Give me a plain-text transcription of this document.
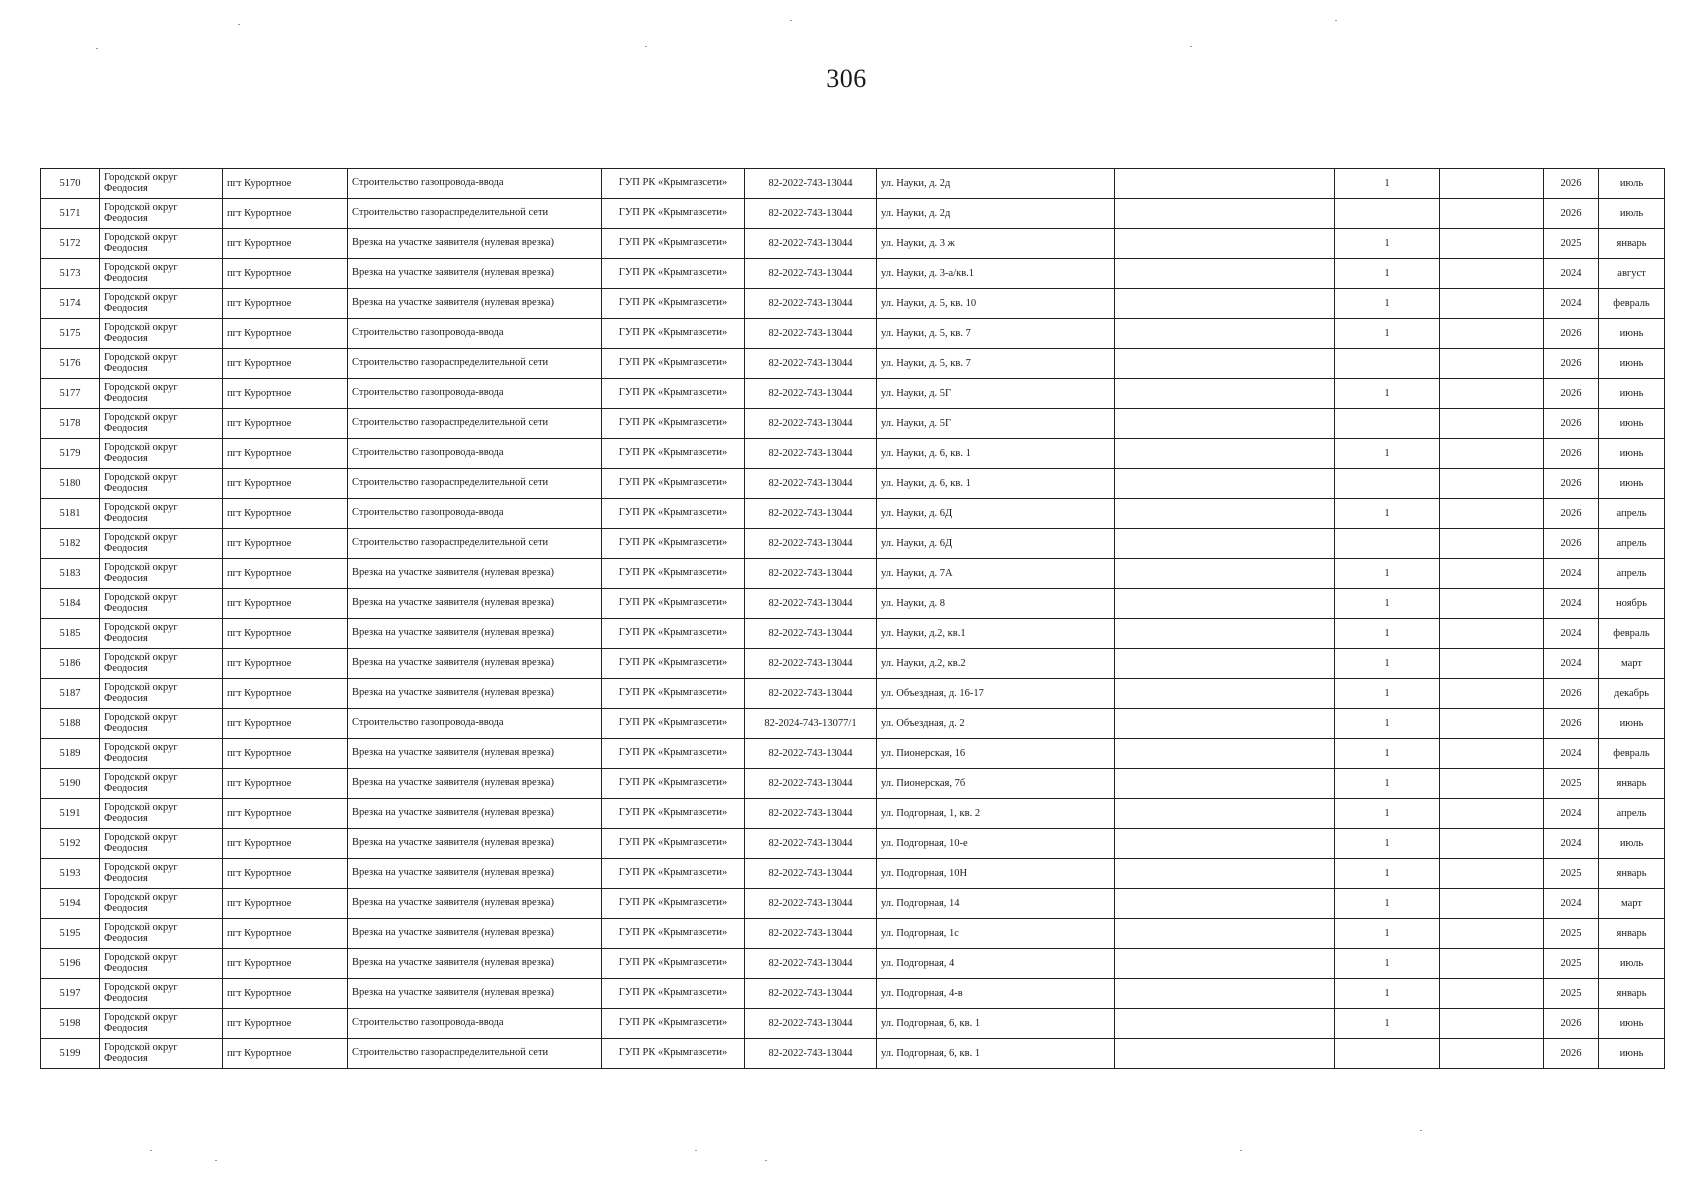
306
5170	Городской округ Феодосия	пгт Курортное	Строительство газопровода-ввода	ГУП РК «Крымгазсети»	82-2022-743-13044	ул. Науки, д. 2д		1		2026	июль
5171	Городской округ Феодосия	пгт Курортное	Строительство газораспределительной сети	ГУП РК «Крымгазсети»	82-2022-743-13044	ул. Науки, д. 2д				2026	июль
5172	Городской округ Феодосия	пгт Курортное	Врезка на участке заявителя (нулевая врезка)	ГУП РК «Крымгазсети»	82-2022-743-13044	ул. Науки, д. 3 ж		1		2025	январь
5173	Городской округ Феодосия	пгт Курортное	Врезка на участке заявителя (нулевая врезка)	ГУП РК «Крымгазсети»	82-2022-743-13044	ул. Науки, д. 3-а/кв.1		1		2024	август
5174	Городской округ Феодосия	пгт Курортное	Врезка на участке заявителя (нулевая врезка)	ГУП РК «Крымгазсети»	82-2022-743-13044	ул. Науки, д. 5, кв. 10		1		2024	февраль
5175	Городской округ Феодосия	пгт Курортное	Строительство газопровода-ввода	ГУП РК «Крымгазсети»	82-2022-743-13044	ул. Науки, д. 5, кв. 7		1		2026	июнь
5176	Городской округ Феодосия	пгт Курортное	Строительство газораспределительной сети	ГУП РК «Крымгазсети»	82-2022-743-13044	ул. Науки, д. 5, кв. 7				2026	июнь
5177	Городской округ Феодосия	пгт Курортное	Строительство газопровода-ввода	ГУП РК «Крымгазсети»	82-2022-743-13044	ул. Науки, д. 5Г		1		2026	июнь
5178	Городской округ Феодосия	пгт Курортное	Строительство газораспределительной сети	ГУП РК «Крымгазсети»	82-2022-743-13044	ул. Науки, д. 5Г				2026	июнь
5179	Городской округ Феодосия	пгт Курортное	Строительство газопровода-ввода	ГУП РК «Крымгазсети»	82-2022-743-13044	ул. Науки, д. 6, кв. 1		1		2026	июнь
5180	Городской округ Феодосия	пгт Курортное	Строительство газораспределительной сети	ГУП РК «Крымгазсети»	82-2022-743-13044	ул. Науки, д. 6, кв. 1				2026	июнь
5181	Городской округ Феодосия	пгт Курортное	Строительство газопровода-ввода	ГУП РК «Крымгазсети»	82-2022-743-13044	ул. Науки, д. 6Д		1		2026	апрель
5182	Городской округ Феодосия	пгт Курортное	Строительство газораспределительной сети	ГУП РК «Крымгазсети»	82-2022-743-13044	ул. Науки, д. 6Д				2026	апрель
5183	Городской округ Феодосия	пгт Курортное	Врезка на участке заявителя (нулевая врезка)	ГУП РК «Крымгазсети»	82-2022-743-13044	ул. Науки, д. 7А		1		2024	апрель
5184	Городской округ Феодосия	пгт Курортное	Врезка на участке заявителя (нулевая врезка)	ГУП РК «Крымгазсети»	82-2022-743-13044	ул. Науки, д. 8		1		2024	ноябрь
5185	Городской округ Феодосия	пгт Курортное	Врезка на участке заявителя (нулевая врезка)	ГУП РК «Крымгазсети»	82-2022-743-13044	ул. Науки, д.2, кв.1		1		2024	февраль
5186	Городской округ Феодосия	пгт Курортное	Врезка на участке заявителя (нулевая врезка)	ГУП РК «Крымгазсети»	82-2022-743-13044	ул. Науки, д.2, кв.2		1		2024	март
5187	Городской округ Феодосия	пгт Курортное	Врезка на участке заявителя (нулевая врезка)	ГУП РК «Крымгазсети»	82-2022-743-13044	ул. Объездная, д. 16-17		1		2026	декабрь
5188	Городской округ Феодосия	пгт Курортное	Строительство газопровода-ввода	ГУП РК «Крымгазсети»	82-2024-743-13077/1	ул. Объездная, д. 2		1		2026	июнь
5189	Городской округ Феодосия	пгт Курортное	Врезка на участке заявителя (нулевая врезка)	ГУП РК «Крымгазсети»	82-2022-743-13044	ул. Пионерская, 16		1		2024	февраль
5190	Городской округ Феодосия	пгт Курортное	Врезка на участке заявителя (нулевая врезка)	ГУП РК «Крымгазсети»	82-2022-743-13044	ул. Пионерская, 7б		1		2025	январь
5191	Городской округ Феодосия	пгт Курортное	Врезка на участке заявителя (нулевая врезка)	ГУП РК «Крымгазсети»	82-2022-743-13044	ул. Подгорная, 1, кв. 2		1		2024	апрель
5192	Городской округ Феодосия	пгт Курортное	Врезка на участке заявителя (нулевая врезка)	ГУП РК «Крымгазсети»	82-2022-743-13044	ул. Подгорная, 10-е		1		2024	июль
5193	Городской округ Феодосия	пгт Курортное	Врезка на участке заявителя (нулевая врезка)	ГУП РК «Крымгазсети»	82-2022-743-13044	ул. Подгорная, 10Н		1		2025	январь
5194	Городской округ Феодосия	пгт Курортное	Врезка на участке заявителя (нулевая врезка)	ГУП РК «Крымгазсети»	82-2022-743-13044	ул. Подгорная, 14		1		2024	март
5195	Городской округ Феодосия	пгт Курортное	Врезка на участке заявителя (нулевая врезка)	ГУП РК «Крымгазсети»	82-2022-743-13044	ул. Подгорная, 1с		1		2025	январь
5196	Городской округ Феодосия	пгт Курортное	Врезка на участке заявителя (нулевая врезка)	ГУП РК «Крымгазсети»	82-2022-743-13044	ул. Подгорная, 4		1		2025	июль
5197	Городской округ Феодосия	пгт Курортное	Врезка на участке заявителя (нулевая врезка)	ГУП РК «Крымгазсети»	82-2022-743-13044	ул. Подгорная, 4-в		1		2025	январь
5198	Городской округ Феодосия	пгт Курортное	Строительство газопровода-ввода	ГУП РК «Крымгазсети»	82-2022-743-13044	ул. Подгорная, 6, кв. 1		1		2026	июнь
5199	Городской округ Феодосия	пгт Курортное	Строительство газораспределительной сети	ГУП РК «Крымгазсети»	82-2022-743-13044	ул. Подгорная, 6, кв. 1				2026	июнь
